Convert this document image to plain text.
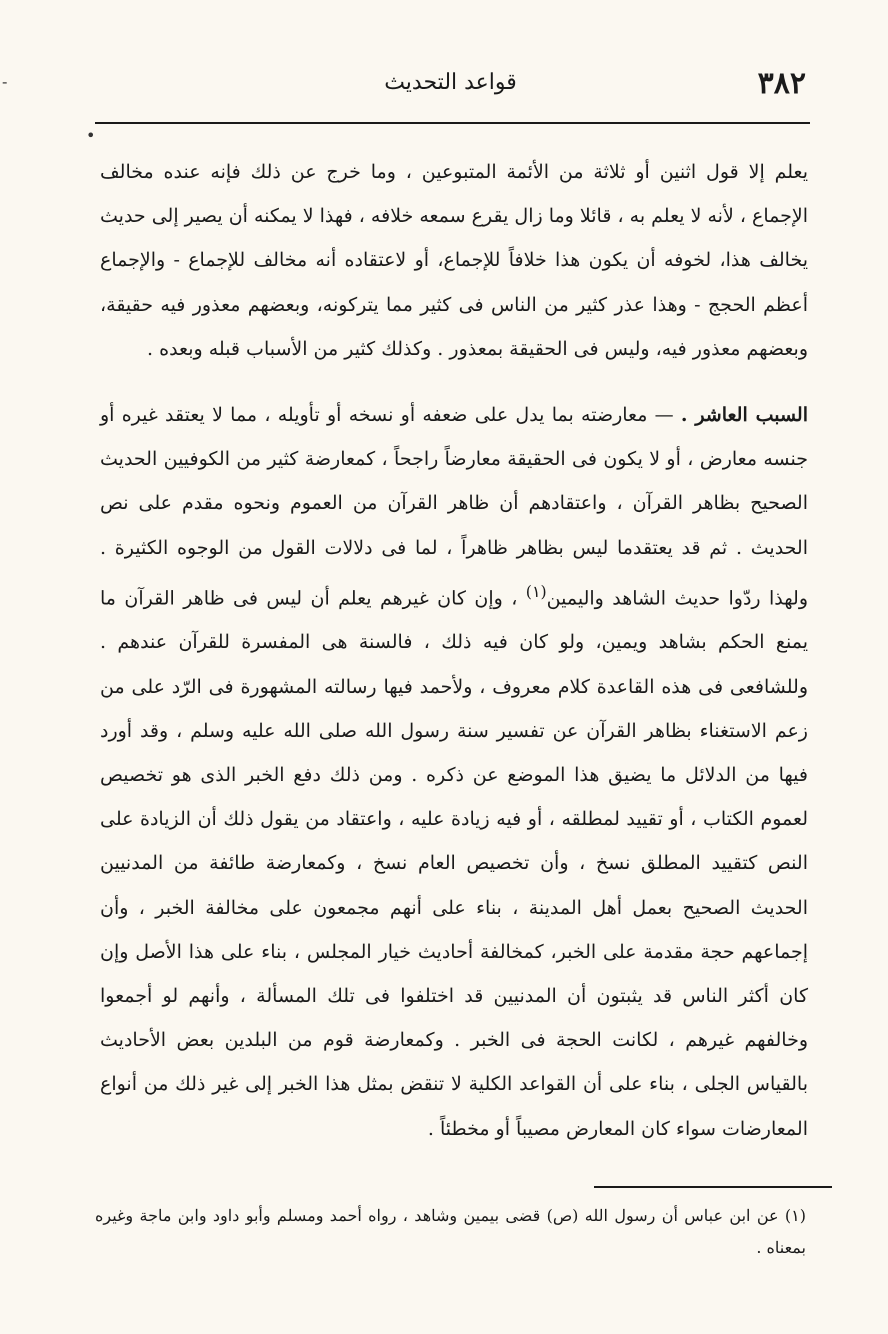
٣٨٢
قواعد التحديث
-
•

يعلم إلا قول اثنين أو ثلاثة من الأئمة المتبوعين ، وما خرج عن ذلك فإنه عنده مخالف الإجماع ، لأنه لا يعلم به ، قائلا وما زال يقرع سمعه خلافه ، فهذا لا يمكنه أن يصير إلى حديث يخالف هذا، لخوفه أن يكون هذا خلافاً للإجماع، أو لاعتقاده أنه مخالف للإجماع - والإجماع أعظم الحجج - وهذا عذر كثير من الناس فى كثير مما يتركونه، وبعضهم معذور فيه حقيقة، وبعضهم معذور فيه، وليس فى الحقيقة بمعذور . وكذلك كثير من الأسباب قبله وبعده .

السبب العاشر . — معارضته بما يدل على ضعفه أو نسخه أو تأويله ، مما لا يعتقد غيره أو جنسه معارض ، أو لا يكون فى الحقيقة معارضاً راجحاً ، كمعارضة كثير من الكوفيين الحديث الصحيح بظاهر القرآن ، واعتقادهم أن ظاهر القرآن من العموم ونحوه مقدم على نص الحديث . ثم قد يعتقدما ليس بظاهر ظاهراً ، لما فى دلالات القول من الوجوه الكثيرة . ولهذا ردّوا حديث الشاهد واليمين$^{(١)}$ ، وإن كان غيرهم يعلم أن ليس فى ظاهر القرآن ما يمنع الحكم بشاهد ويمين، ولو كان فيه ذلك ، فالسنة هى المفسرة للقرآن عندهم . وللشافعى فى هذه القاعدة كلام معروف ، ولأحمد فيها رسالته المشهورة فى الرّد على من زعم الاستغناء بظاهر القرآن عن تفسير سنة رسول الله صلى الله عليه وسلم ، وقد أورد فيها من الدلائل ما يضيق هذا الموضع عن ذكره . ومن ذلك دفع الخبر الذى هو تخصيص لعموم الكتاب ، أو تقييد لمطلقه ، أو فيه زيادة عليه ، واعتقاد من يقول ذلك أن الزيادة على النص كتقييد المطلق نسخ ، وأن تخصيص العام نسخ ، وكمعارضة طائفة من المدنيين الحديث الصحيح بعمل أهل المدينة ، بناء على أنهم مجمعون على مخالفة الخبر ، وأن إجماعهم حجة مقدمة على الخبر، كمخالفة أحاديث خيار المجلس ، بناء على هذا الأصل وإن كان أكثر الناس قد يثبتون أن المدنيين قد اختلفوا فى تلك المسألة ، وأنهم لو أجمعوا وخالفهم غيرهم ، لكانت الحجة فى الخبر . وكمعارضة قوم من البلدين بعض الأحاديث بالقياس الجلى ، بناء على أن القواعد الكلية لا تنقض بمثل هذا الخبر إلى غير ذلك من أنواع المعارضات سواء كان المعارض مصيباً أو مخطئاً .

(١) عن ابن عباس أن رسول الله (ص) قضى بيمين وشاهد ، رواه أحمد ومسلم وأبو داود وابن ماجة وغيره بمعناه .
